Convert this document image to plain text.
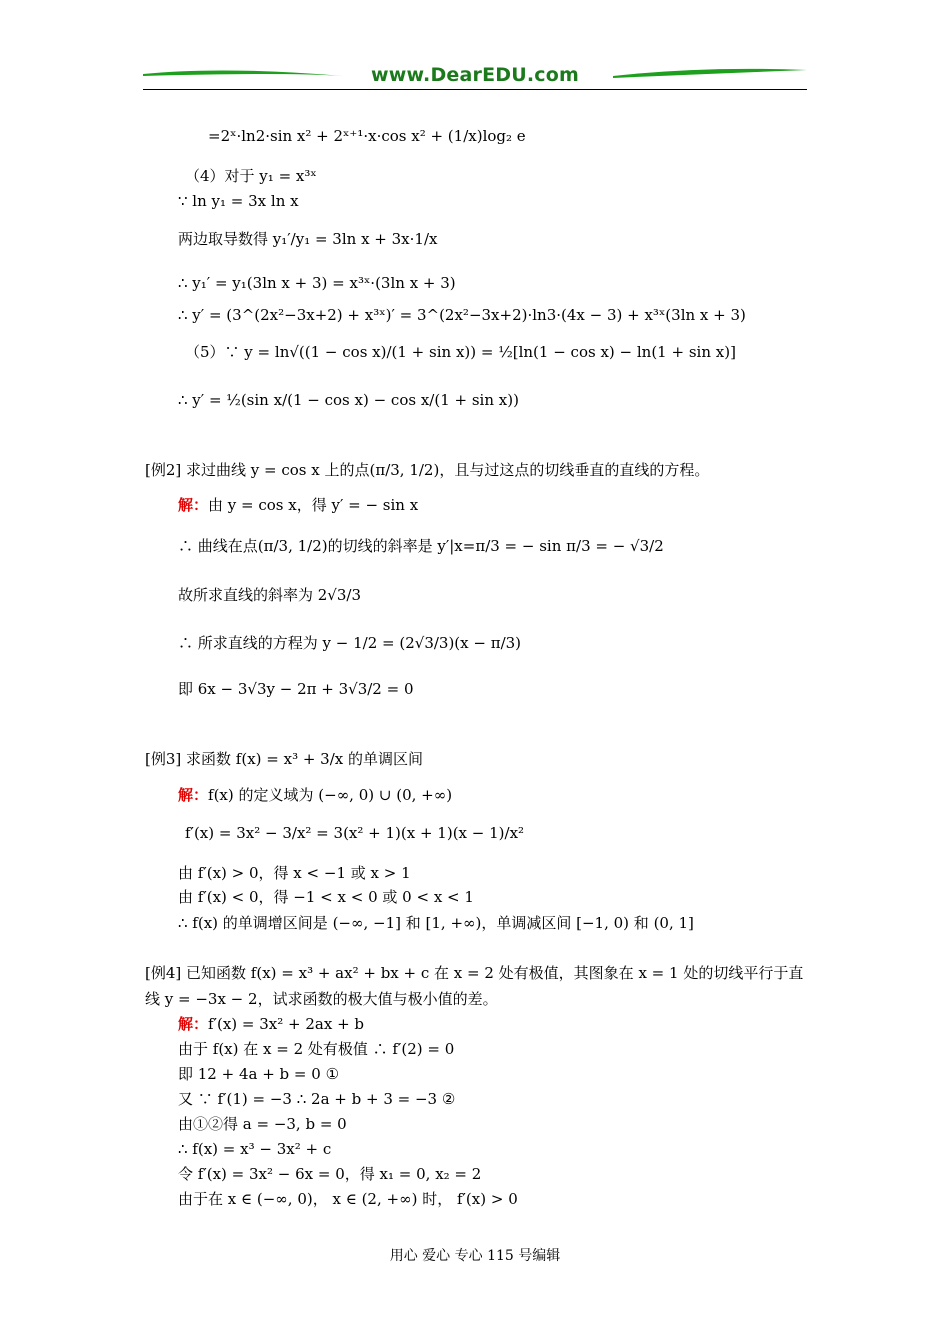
www.DearEDU.com
=2ˣ·ln2·sin x² + 2ˣ⁺¹·x·cos x² + (1/x)log₂ e
（4）对于 y₁ = x³ˣ
∵ ln y₁ = 3x ln x
两边取导数得 y₁′/y₁ = 3ln x + 3x·1/x
∴ y₁′ = y₁(3ln x + 3) = x³ˣ·(3ln x + 3)
∴ y′ = (3^(2x²−3x+2) + x³ˣ)′ = 3^(2x²−3x+2)·ln3·(4x − 3) + x³ˣ(3ln x + 3)
（5）∵ y = ln√((1 − cos x)/(1 + sin x)) = ½[ln(1 − cos x) − ln(1 + sin x)]
∴ y′ = ½(sin x/(1 − cos x) − cos x/(1 + sin x))
[例2] 求过曲线 y = cos x 上的点(π/3, 1/2)，且与过这点的切线垂直的直线的方程。
解：由 y = cos x，得 y′ = − sin x
∴ 曲线在点(π/3, 1/2)的切线的斜率是 y′|x=π/3 = − sin π/3 = − √3/2
故所求直线的斜率为 2√3/3
∴ 所求直线的方程为 y − 1/2 = (2√3/3)(x − π/3)
即 6x − 3√3y − 2π + 3√3/2 = 0
[例3] 求函数 f(x) = x³ + 3/x 的单调区间
解：f(x) 的定义域为 (−∞, 0) ∪ (0, +∞)
f′(x) = 3x² − 3/x² = 3(x² + 1)(x + 1)(x − 1)/x²
由 f′(x) > 0，得 x < −1 或 x > 1
由 f′(x) < 0，得 −1 < x < 0 或 0 < x < 1
∴ f(x) 的单调增区间是 (−∞, −1] 和 [1, +∞)，单调减区间 [−1, 0) 和 (0, 1]
[例4] 已知函数 f(x) = x³ + ax² + bx + c 在 x = 2 处有极值，其图象在 x = 1 处的切线平行于直
线 y = −3x − 2，试求函数的极大值与极小值的差。
解：f′(x) = 3x² + 2ax + b
由于 f(x) 在 x = 2 处有极值 ∴ f′(2) = 0
即 12 + 4a + b = 0 ①
又 ∵ f′(1) = −3 ∴ 2a + b + 3 = −3 ②
由①②得 a = −3, b = 0
∴ f(x) = x³ − 3x² + c
令 f′(x) = 3x² − 6x = 0，得 x₁ = 0, x₂ = 2
由于在 x ∈ (−∞, 0)， x ∈ (2, +∞) 时， f′(x) > 0
用心 爱心 专心 115 号编辑
